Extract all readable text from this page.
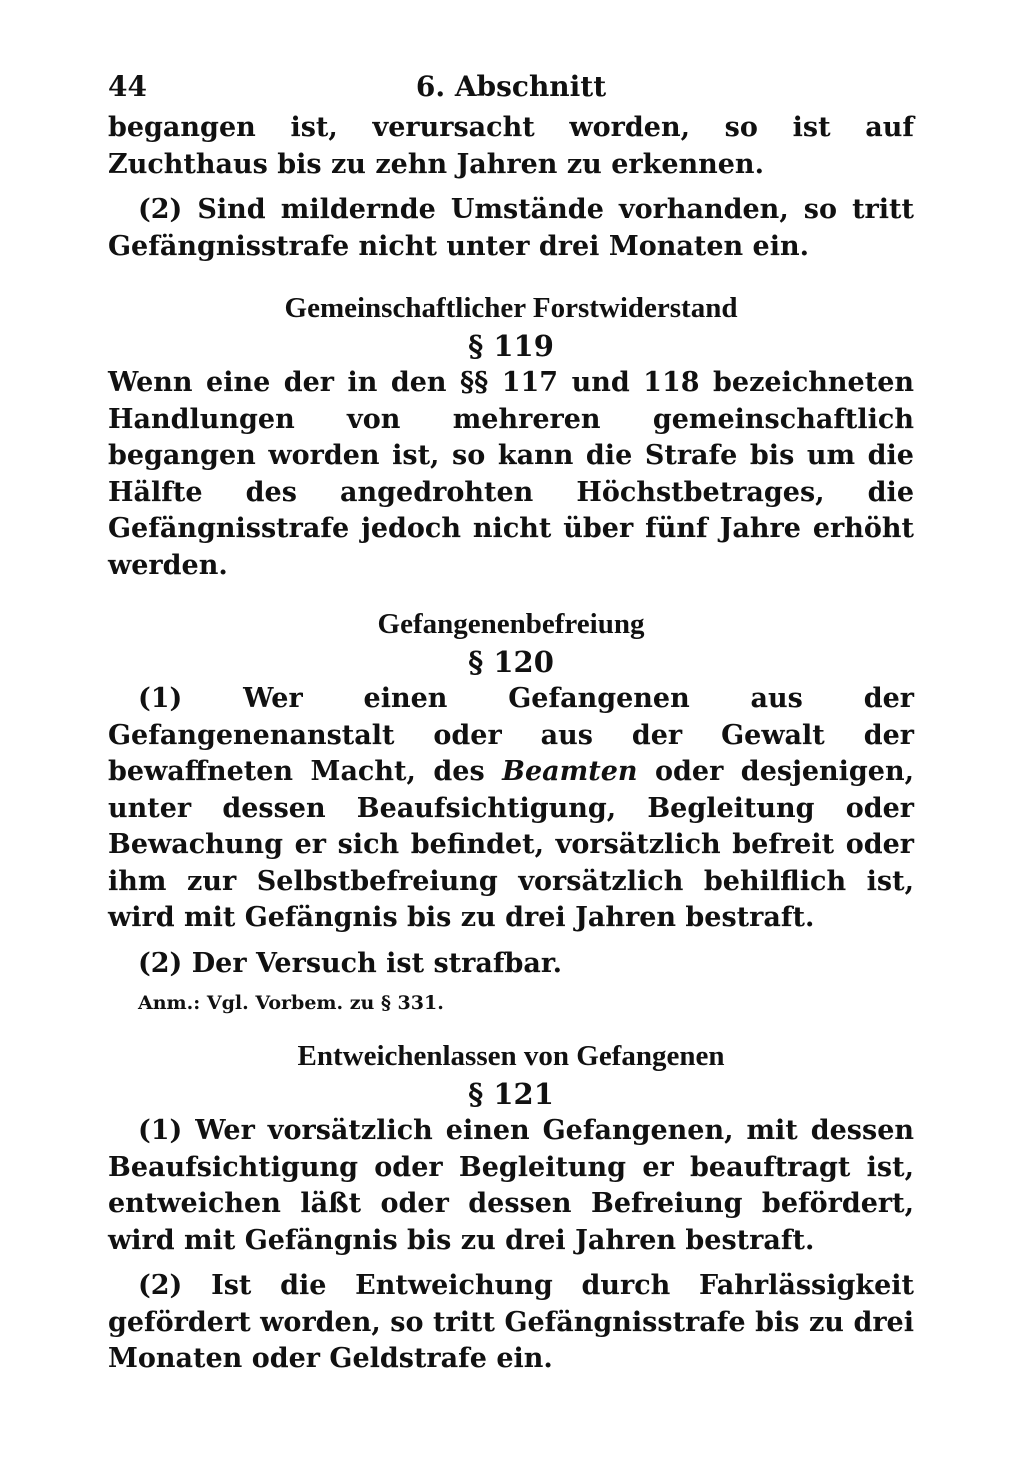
44	6. Abschnitt

begangen ist, verursacht worden, so ist auf Zuchthaus bis zu zehn Jahren zu erkennen.

(2) Sind mildernde Umstände vorhanden, so tritt Gefängnisstrafe nicht unter drei Monaten ein.

Gemeinschaftlicher Forstwiderstand
§ 119

Wenn eine der in den §§ 117 und 118 bezeichneten Handlungen von mehreren gemeinschaftlich begangen worden ist, so kann die Strafe bis um die Hälfte des angedrohten Höchstbetrages, die Gefängnisstrafe jedoch nicht über fünf Jahre erhöht werden.

Gefangenenbefreiung
§ 120

(1) Wer einen Gefangenen aus der Gefangenenanstalt oder aus der Gewalt der bewaffneten Macht, des Beamten oder desjenigen, unter dessen Beaufsichtigung, Begleitung oder Bewachung er sich befindet, vorsätzlich befreit oder ihm zur Selbstbefreiung vorsätzlich behilflich ist, wird mit Gefängnis bis zu drei Jahren bestraft.

(2) Der Versuch ist strafbar.

Anm.: Vgl. Vorbem. zu § 331.
Entweichenlassen von Gefangenen
§ 121

(1) Wer vorsätzlich einen Gefangenen, mit dessen Beaufsichtigung oder Begleitung er beauftragt ist, entweichen läßt oder dessen Befreiung befördert, wird mit Gefängnis bis zu drei Jahren bestraft.

(2) Ist die Entweichung durch Fahrlässigkeit gefördert worden, so tritt Gefängnisstrafe bis zu drei Monaten oder Geldstrafe ein.
